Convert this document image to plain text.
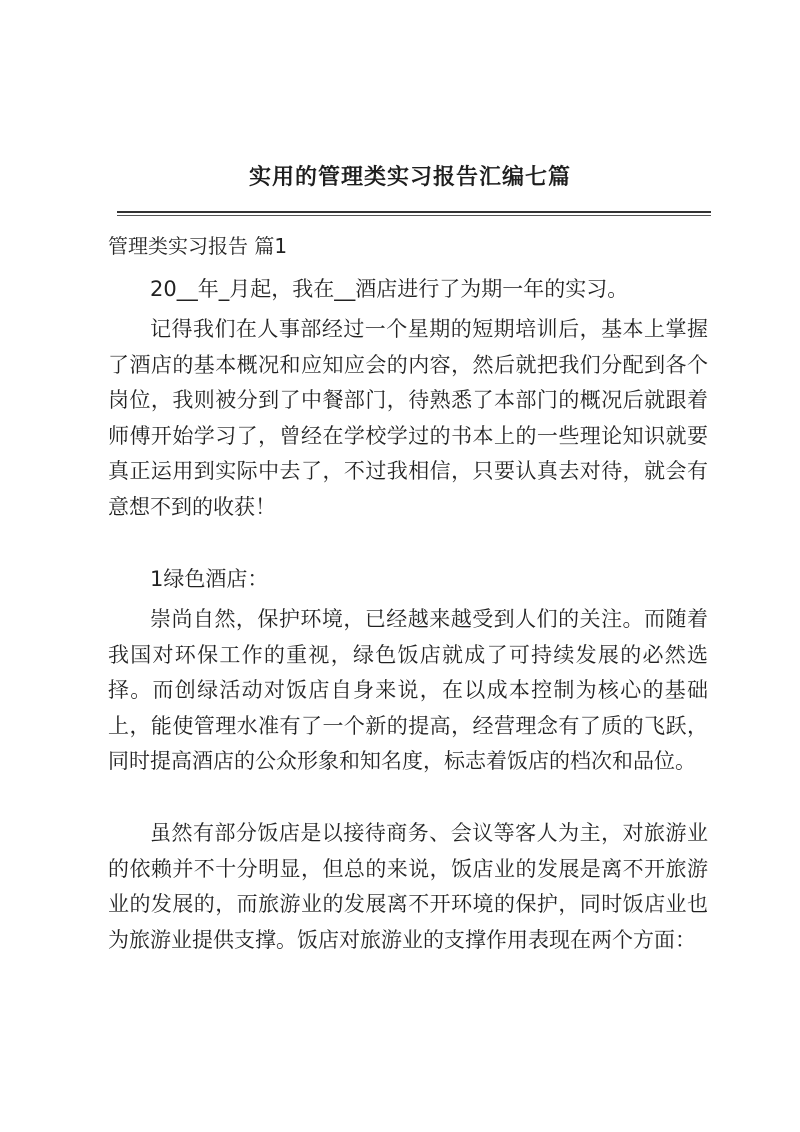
实用的管理类实习报告汇编七篇
管理类实习报告 篇1

20__年_月起，我在__酒店进行了为期一年的实习。

记得我们在人事部经过一个星期的短期培训后，基本上掌握了酒店的基本概况和应知应会的内容，然后就把我们分配到各个岗位，我则被分到了中餐部门，待熟悉了本部门的概况后就跟着师傅开始学习了，曾经在学校学过的书本上的一些理论知识就要真正运用到实际中去了，不过我相信，只要认真去对待，就会有意想不到的收获！

1绿色酒店：

崇尚自然，保护环境，已经越来越受到人们的关注。而随着我国对环保工作的重视，绿色饭店就成了可持续发展的必然选择。而创绿活动对饭店自身来说，在以成本控制为核心的基础上，能使管理水准有了一个新的提高，经营理念有了质的飞跃，同时提高酒店的公众形象和知名度，标志着饭店的档次和品位。

虽然有部分饭店是以接待商务、会议等客人为主，对旅游业的依赖并不十分明显，但总的来说，饭店业的发展是离不开旅游业的发展的，而旅游业的发展离不开环境的保护，同时饭店业也为旅游业提供支撑。饭店对旅游业的支撑作用表现在两个方面：
